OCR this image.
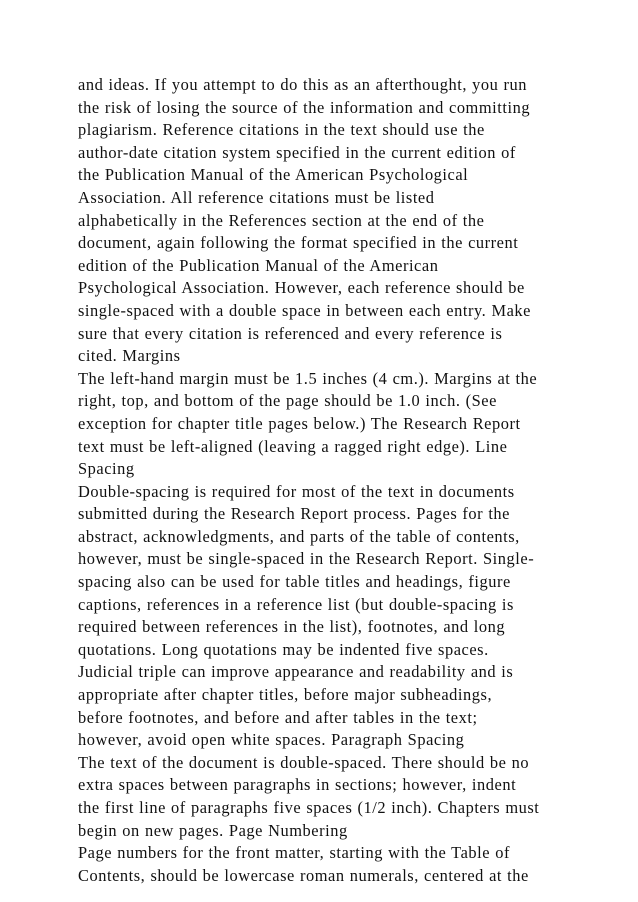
and ideas. If you attempt to do this as an afterthought, you run
the risk of losing the source of the information and committing
plagiarism. Reference citations in the text should use the
author-date citation system specified in the current edition of
the Publication Manual of the American Psychological
Association. All reference citations must be listed
alphabetically in the References section at the end of the
document, again following the format specified in the current
edition of the Publication Manual of the American
Psychological Association. However, each reference should be
single-spaced with a double space in between each entry. Make
sure that every citation is referenced and every reference is
cited. Margins
The left-hand margin must be 1.5 inches (4 cm.). Margins at the
right, top, and bottom of the page should be 1.0 inch. (See
exception for chapter title pages below.) The Research Report
text must be left-aligned (leaving a ragged right edge). Line
Spacing
Double-spacing is required for most of the text in documents
submitted during the Research Report process. Pages for the
abstract, acknowledgments, and parts of the table of contents,
however, must be single-spaced in the Research Report. Single-
spacing also can be used for table titles and headings, figure
captions, references in a reference list (but double-spacing is
required between references in the list), footnotes, and long
quotations. Long quotations may be indented five spaces.
Judicial triple can improve appearance and readability and is
appropriate after chapter titles, before major subheadings,
before footnotes, and before and after tables in the text;
however, avoid open white spaces. Paragraph Spacing
The text of the document is double-spaced. There should be no
extra spaces between paragraphs in sections; however, indent
the first line of paragraphs five spaces (1/2 inch). Chapters must
begin on new pages. Page Numbering
Page numbers for the front matter, starting with the Table of
Contents, should be lowercase roman numerals, centered at the
